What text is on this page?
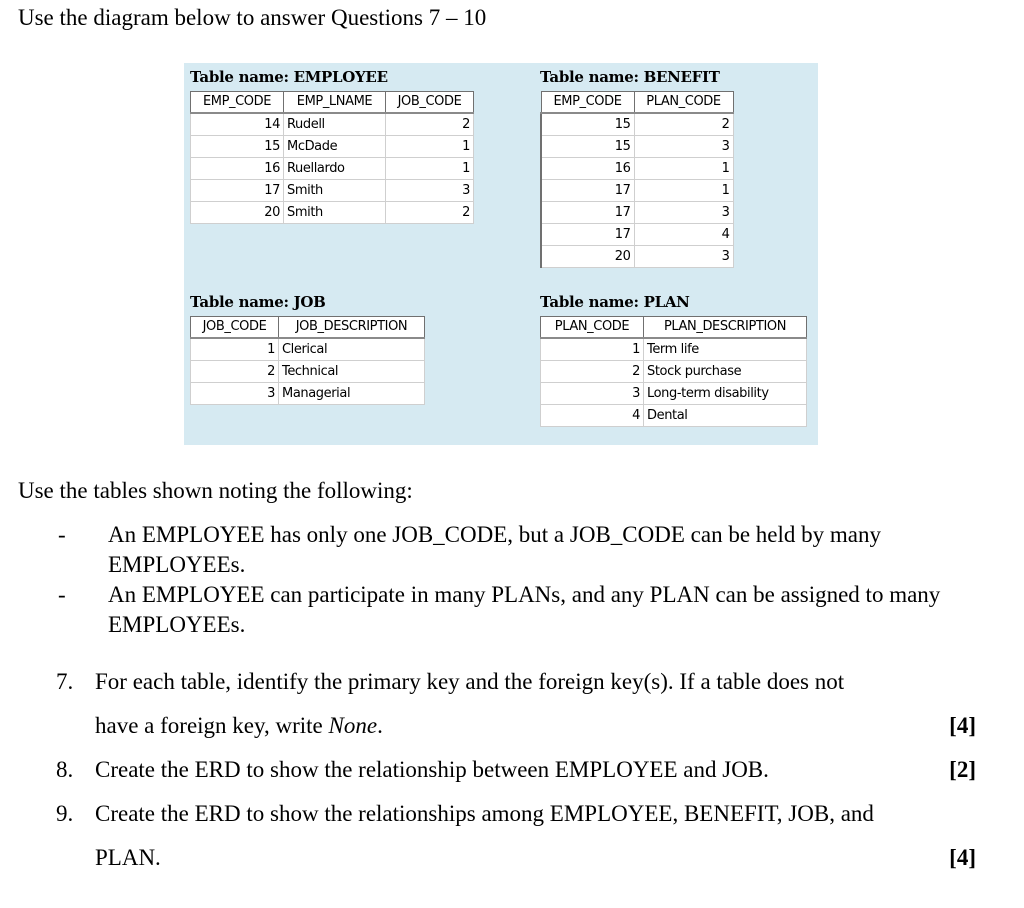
Use the diagram below to answer Questions 7 – 10

Table name: EMPLOYEE
EMP_CODE	EMP_LNAME	JOB_CODE
14	Rudell	2
15	McDade	1
16	Ruellardo	1
17	Smith	3
20	Smith	2
Table name: BENEFIT
EMP_CODE	PLAN_CODE
15	2
15	3
16	1
17	1
17	3
17	4
20	3
Table name: JOB
JOB_CODE	JOB_DESCRIPTION
1	Clerical
2	Technical
3	Managerial
Table name: PLAN
PLAN_CODE	PLAN_DESCRIPTION
1	Term life
2	Stock purchase
3	Long-term disability
4	Dental

Use the tables shown noting the following:

- An EMPLOYEE has only one JOB_CODE, but a JOB_CODE can be held by many EMPLOYEEs.
- An EMPLOYEE can participate in many PLANs, and any PLAN can be assigned to many EMPLOYEEs.
7. For each table, identify the primary key and the foreign key(s). If a table does not
have a foreign key, write None.	[4]
8. Create the ERD to show the relationship between EMPLOYEE and JOB.	[2]
9. Create the ERD to show the relationships among EMPLOYEE, BENEFIT, JOB, and
PLAN.	[4]
